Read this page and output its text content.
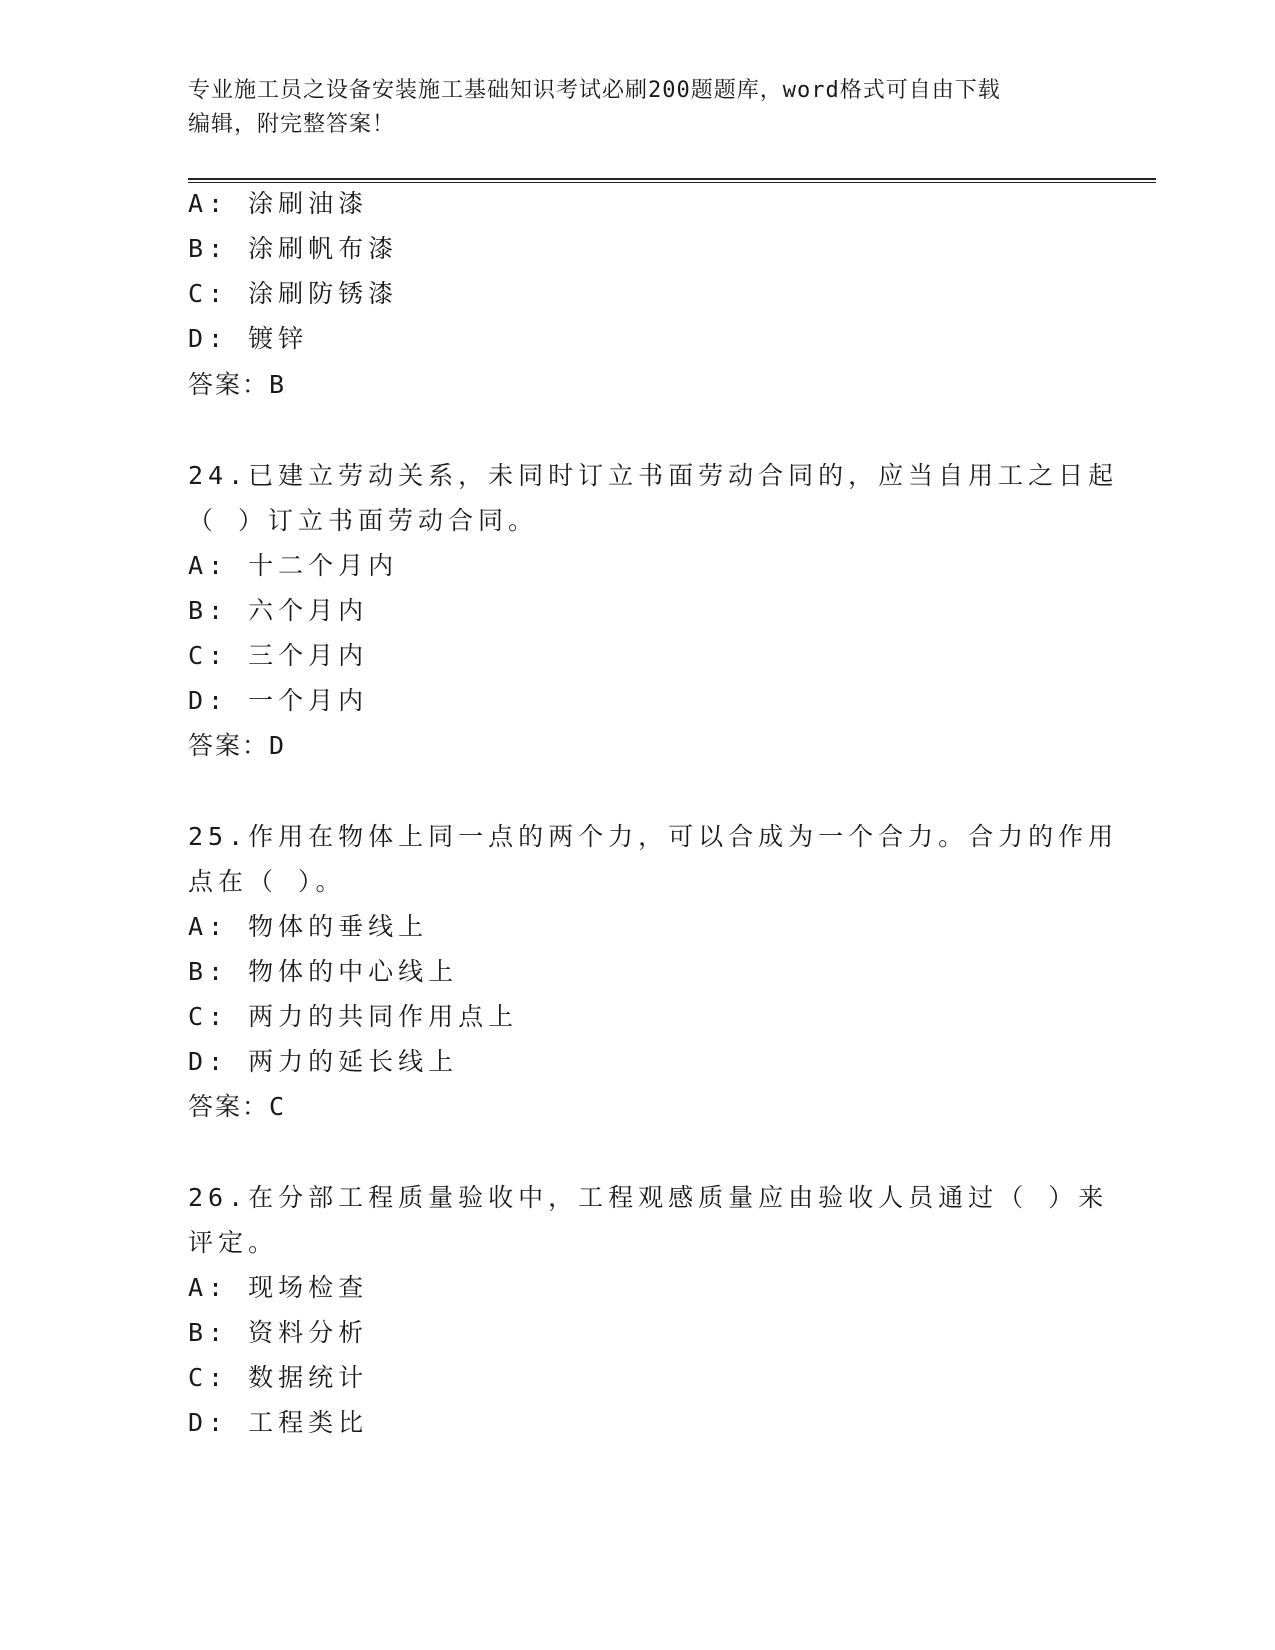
专业施工员之设备安装施工基础知识考试必刷200题题库，word格式可自由下载
编辑，附完整答案！
A: 涂刷油漆
B: 涂刷帆布漆
C: 涂刷防锈漆
D: 镀锌
答案：B
24.已建立劳动关系，未同时订立书面劳动合同的，应当自用工之日起
（ ）订立书面劳动合同。
A: 十二个月内
B: 六个月内
C: 三个月内
D: 一个月内
答案：D
25.作用在物体上同一点的两个力，可以合成为一个合力。合力的作用
点在（ ）。
A: 物体的垂线上
B: 物体的中心线上
C: 两力的共同作用点上
D: 两力的延长线上
答案：C
26.在分部工程质量验收中，工程观感质量应由验收人员通过（ ）来
评定。
A: 现场检查
B: 资料分析
C: 数据统计
D: 工程类比
